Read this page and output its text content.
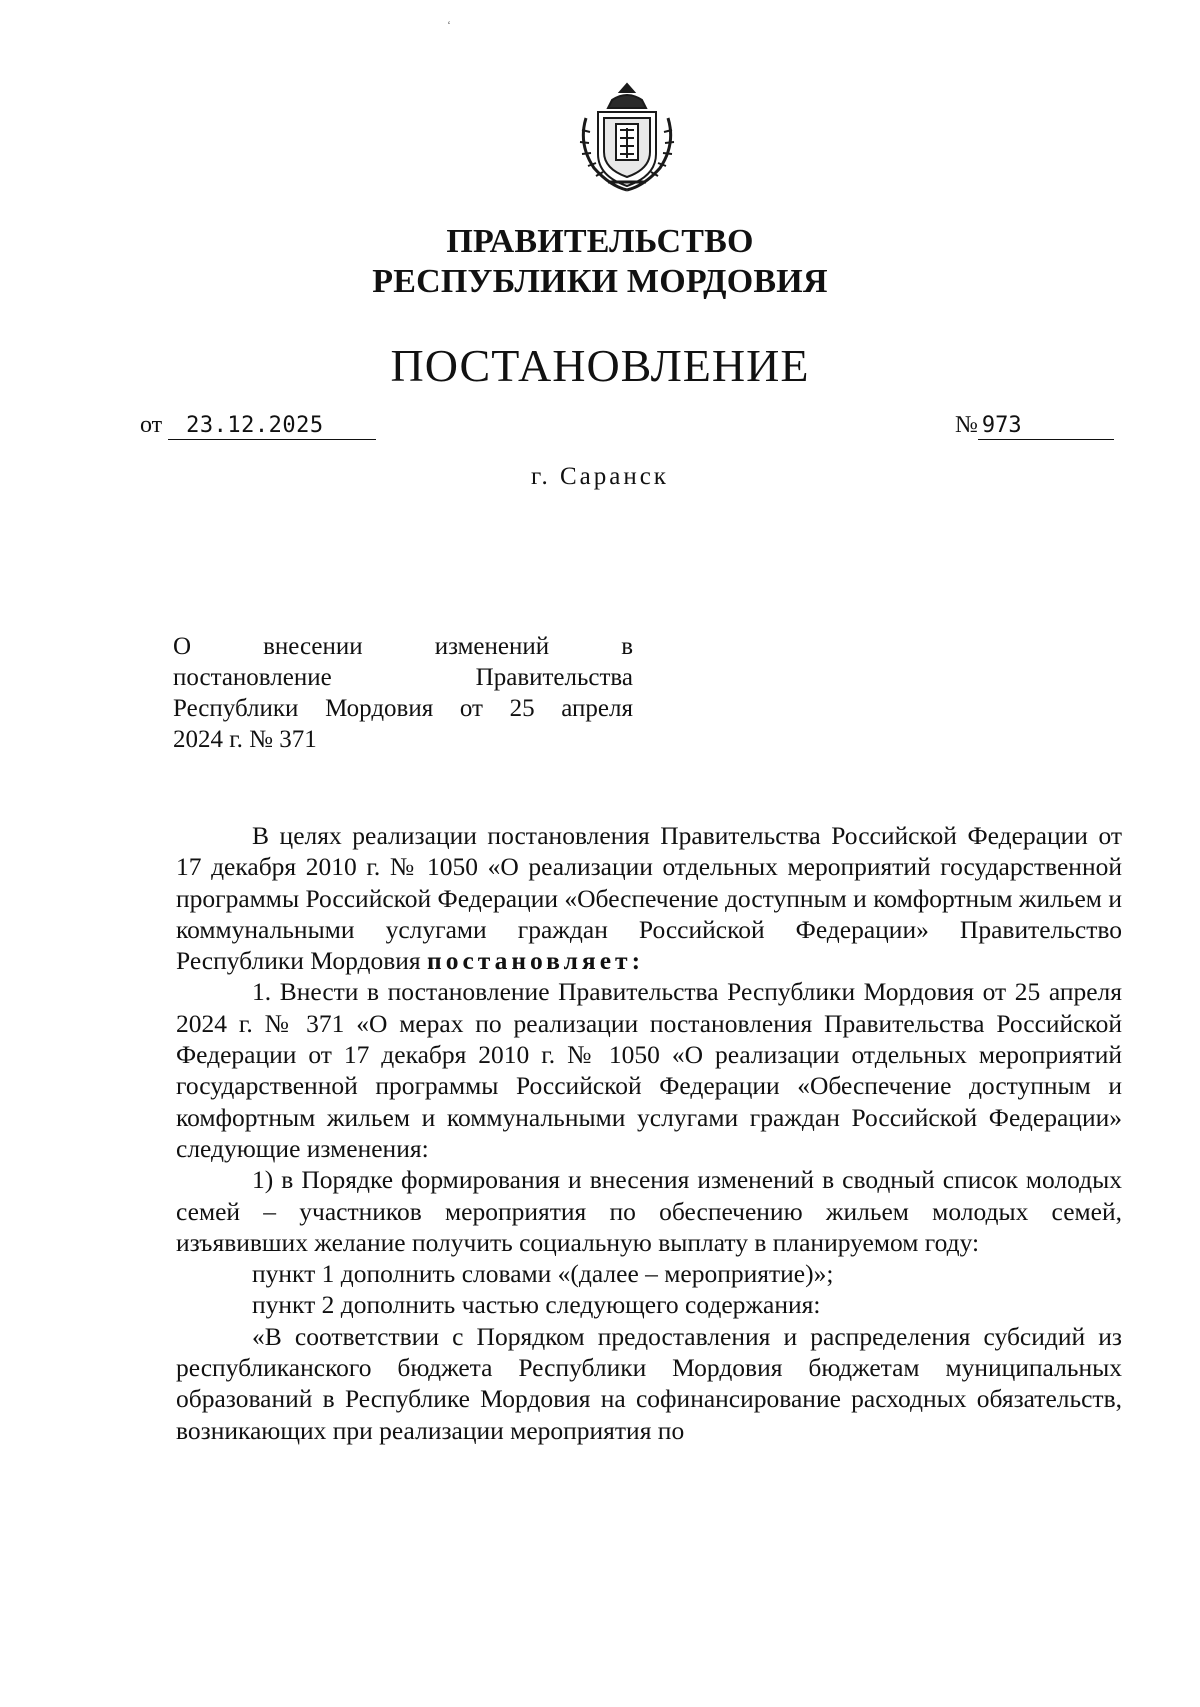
‘
ПРАВИТЕЛЬСТВО
РЕСПУБЛИКИ МОРДОВИЯ
ПОСТАНОВЛЕНИЕ
от 23.12.2025	№ 973
г. Саранск

О внесении изменений в

постановление Правительства

Республики Мордовия от 25 апреля

2024 г. № 371

В целях реализации постановления Правительства Российской Федерации от 17 декабря 2010 г. № 1050 «О реализации отдельных мероприятий государственной программы Российской Федерации «Обеспечение доступным и комфортным жильем и коммунальными услугами граждан Российской Федерации» Правительство Республики Мордовия постановляет:

1. Внести в постановление Правительства Республики Мордовия от 25 апреля 2024 г. № 371 «О мерах по реализации постановления Правительства Российской Федерации от 17 декабря 2010 г. № 1050 «О реализации отдельных мероприятий государственной программы Российской Федерации «Обеспечение доступным и комфортным жильем и коммунальными услугами граждан Российской Федерации» следующие изменения:

1) в Порядке формирования и внесения изменений в сводный список молодых семей – участников мероприятия по обеспечению жильем молодых семей, изъявивших желание получить социальную выплату в планируемом году:

пункт 1 дополнить словами «(далее – мероприятие)»;

пункт 2 дополнить частью следующего содержания:

«В соответствии с Порядком предоставления и распределения субсидий из республиканского бюджета Республики Мордовия бюджетам муниципальных образований в Республике Мордовия на софинансирование расходных обязательств, возникающих при реализации мероприятия по
